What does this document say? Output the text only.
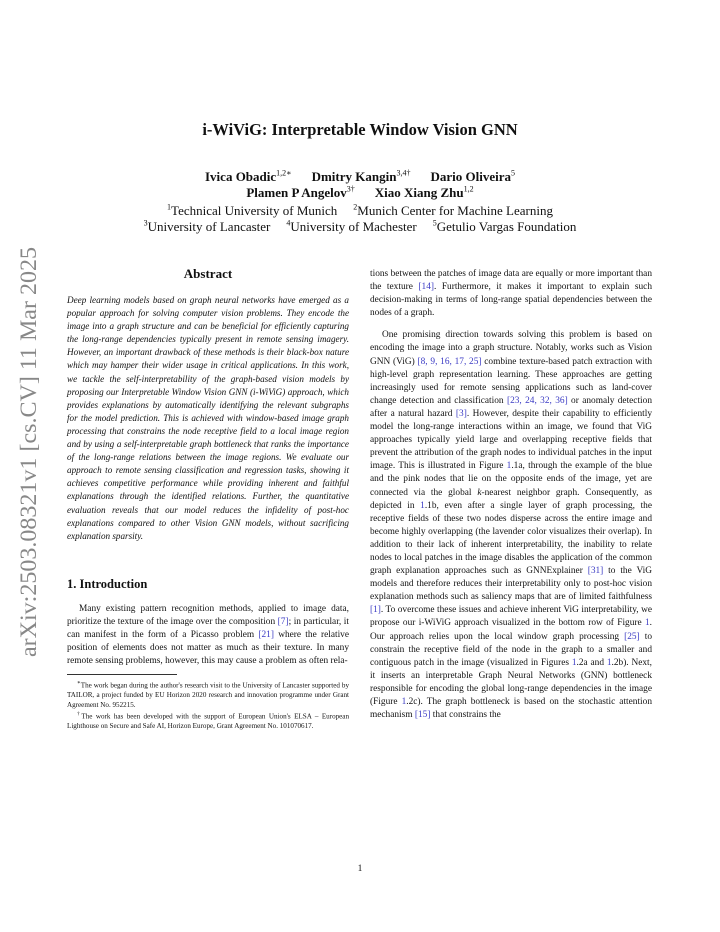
arXiv:2503.08321v1 [cs.CV] 11 Mar 2025
i-WiViG: Interpretable Window Vision GNN
Ivica Obadic$^{1,2∗}$ Dmitry Kangin$^{3,4\dagger}$ Dario Oliveira$^5$
Plamen P Angelov$^{3\dagger}$ Xiao Xiang Zhu$^{1,2}$
$^1$Technical University of Munich $^2$Munich Center for Machine Learning
$^3$University of Lancaster $^4$University of Machester $^5$Getulio Vargas Foundation
Abstract

Deep learning models based on graph neural networks have emerged as a popular approach for solving computer vision problems. They encode the image into a graph structure and can be beneficial for efficiently capturing the long-range dependencies typically present in remote sensing imagery. However, an important drawback of these methods is their black-box nature which may hamper their wider usage in critical applications. In this work, we tackle the self-interpretability of the graph-based vision models by proposing our Interpretable Window Vision GNN (i-WiViG) approach, which provides explanations by automatically identifying the relevant subgraphs for the model prediction. This is achieved with window-based image graph processing that constrains the node receptive field to a local image region and by using a self-interpretable graph bottleneck that ranks the importance of the long-range relations between the image regions. We evaluate our approach to remote sensing classification and regression tasks, showing it achieves competitive performance while providing inherent and faithful explanations through the identified relations. Further, the quantitative evaluation reveals that our model reduces the infidelity of post-hoc explanations compared to other Vision GNN models, without sacrificing explanation sparsity.

1. Introduction

Many existing pattern recognition methods, applied to image data, prioritize the texture of the image over the composition [7]; in particular, it can manifest in the form of a Picasso problem [21] where the relative position of elements does not matter as much as their texture. In many remote sensing problems, however, this may cause a problem as often rela-

∗The work began during the author's research visit to the University of Lancaster supported by TAILOR, a project funded by EU Horizon 2020 research and innovation programme under Grant Agreement No. 952215.

†The work has been developed with the support of European Union's ELSA – European Lighthouse on Secure and Safe AI, Horizon Europe, Grant Agreement No. 101070617.

tions between the patches of image data are equally or more important than the texture [14]. Furthermore, it makes it important to explain such decision-making in terms of long-range spatial dependencies between the nodes of a graph.

One promising direction towards solving this problem is based on encoding the image into a graph structure. Notably, works such as Vision GNN (ViG) [8, 9, 16, 17, 25] combine texture-based patch extraction with high-level graph representation learning. These approaches are getting increasingly used for remote sensing applications such as land-cover change detection and classification [23, 24, 32, 36] or anomaly detection after a natural hazard [3]. However, despite their capability to efficiently model the long-range interactions within an image, we found that ViG approaches typically yield large and overlapping receptive fields that prevent the attribution of the graph nodes to individual patches in the input image. This is illustrated in Figure 1.1a, through the example of the blue and the pink nodes that lie on the opposite ends of the image, yet are connected via the global k-nearest neighbor graph. Consequently, as depicted in 1.1b, even after a single layer of graph processing, the receptive fields of these two nodes disperse across the entire image and become highly overlapping (the lavender color visualizes their overlap). In addition to their lack of inherent interpretability, the inability to relate nodes to local patches in the image disables the application of the common graph explanation approaches such as GNNExplainer [31] to the ViG models and therefore reduces their interpretability only to post-hoc vision explanation methods such as saliency maps that are of limited faithfulness [1]. To overcome these issues and achieve inherent ViG interpretability, we propose our i-WiViG approach visualized in the bottom row of Figure 1. Our approach relies upon the local window graph processing [25] to constrain the receptive field of the node in the graph to a smaller and contiguous patch in the image (visualized in Figures 1.2a and 1.2b). Next, it inserts an interpretable Graph Neural Networks (GNN) bottleneck responsible for encoding the global long-range dependencies in the image (Figure 1.2c). The graph bottleneck is based on the stochastic attention mechanism [15] that constrains the

1
